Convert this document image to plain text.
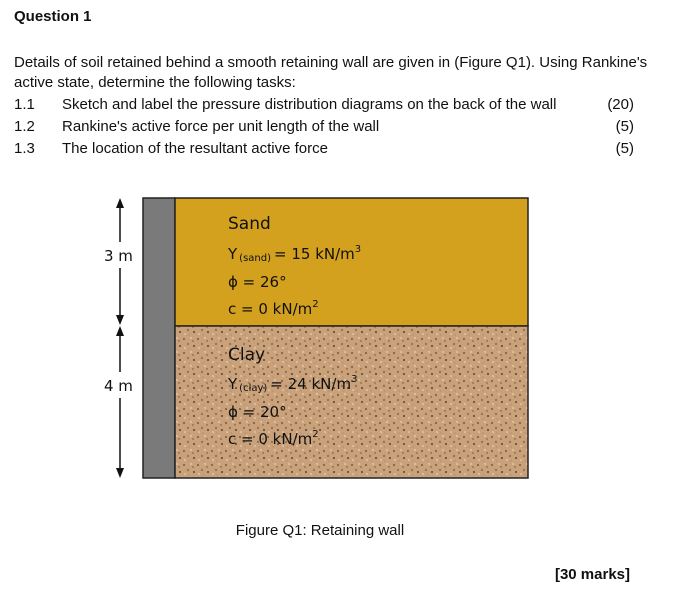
Question 1
Details of soil retained behind a smooth retaining wall are given in (Figure Q1). Using Rankine's active state, determine the following tasks:
1.1 Sketch and label the pressure distribution diagrams on the back of the wall	(20)
1.2 Rankine's active force per unit length of the wall	(5)
1.3 The location of the resultant active force	(5)
3 m
4 m
Sand
Y (sand) = 15 $kN/m^3$
ϕ = 26°
c = 0 $kN/m^2$
Clay
Y (clay) = 24 $kN/m^3$
ϕ = 20°
c = 0 $kN/m^2$
Figure Q1: Retaining wall
[30 marks]
